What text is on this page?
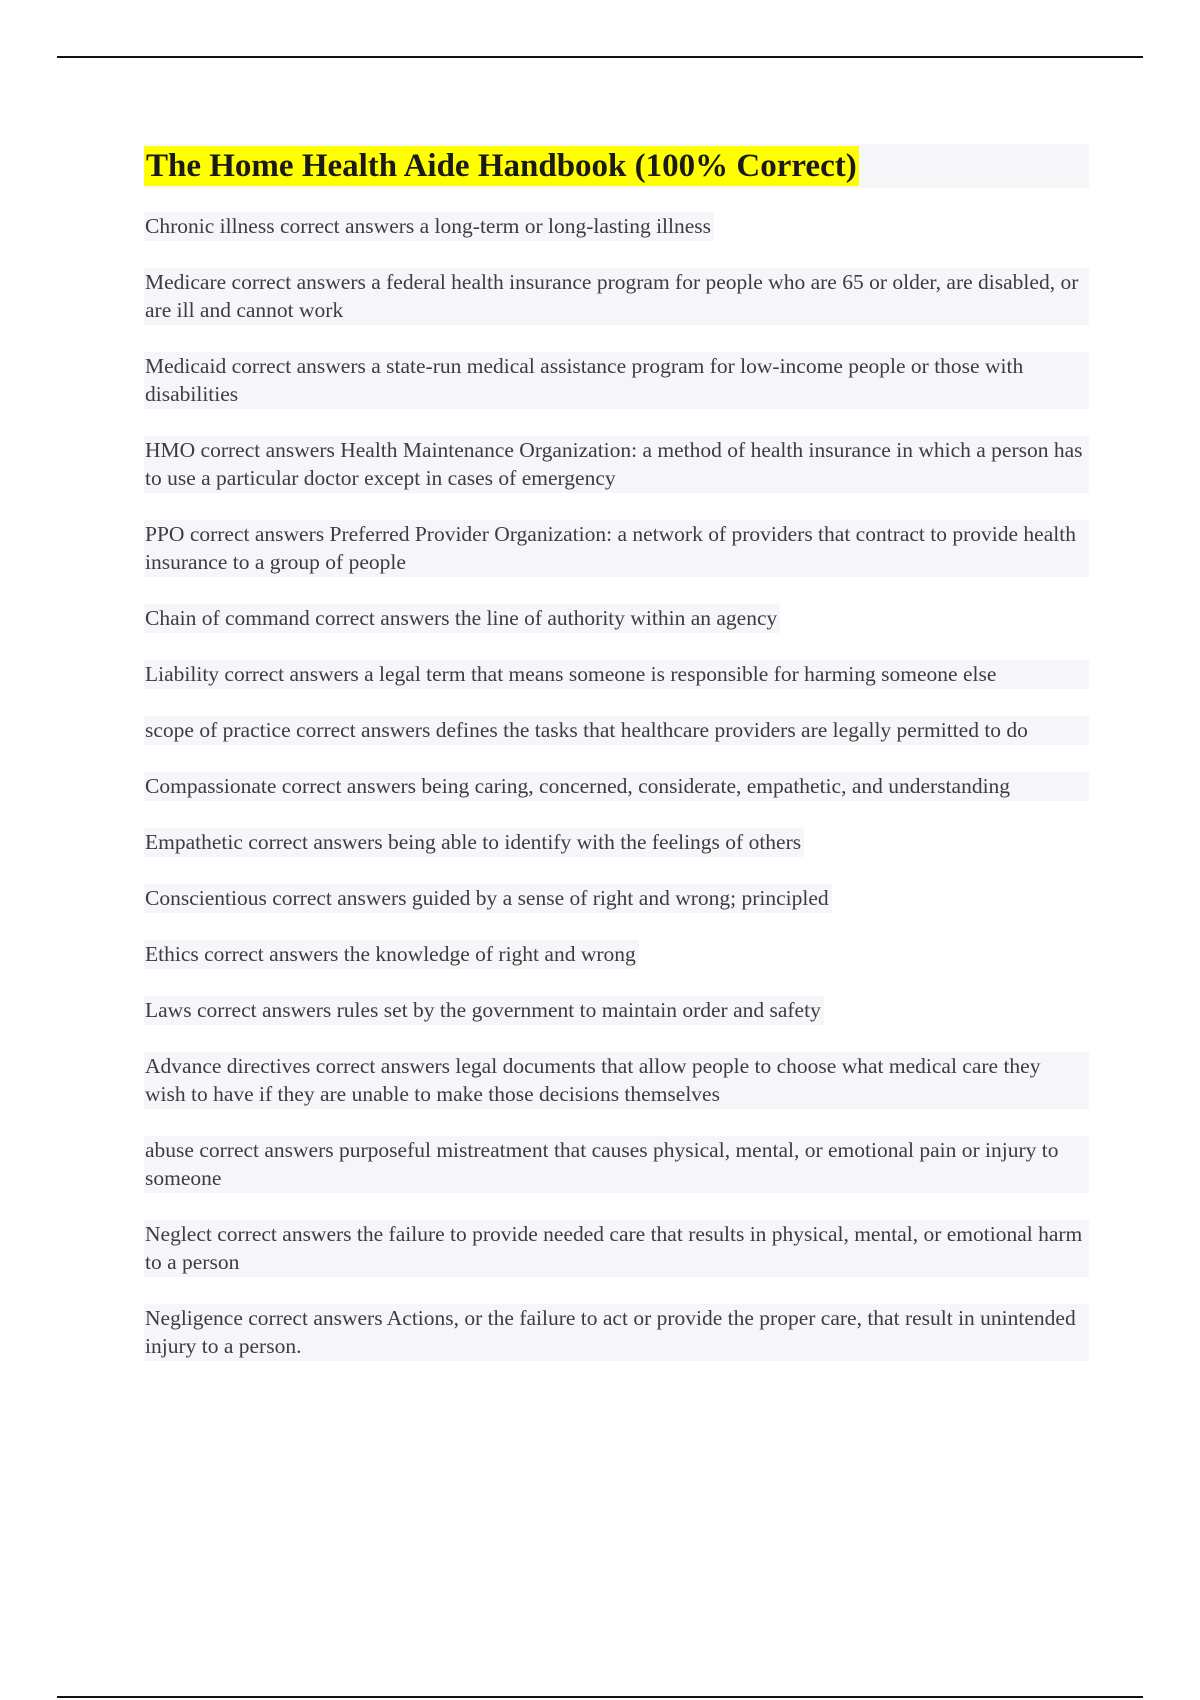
The Home Health Aide Handbook (100% Correct)
Chronic illness correct answers a long-term or long-lasting illness
Medicare correct answers a federal health insurance program for people who are 65 or older, are disabled, or are ill and cannot work
Medicaid correct answers a state-run medical assistance program for low-income people or those with disabilities
HMO correct answers Health Maintenance Organization: a method of health insurance in which a person has to use a particular doctor except in cases of emergency
PPO correct answers Preferred Provider Organization: a network of providers that contract to provide health insurance to a group of people
Chain of command correct answers the line of authority within an agency
Liability correct answers a legal term that means someone is responsible for harming someone else
scope of practice correct answers defines the tasks that healthcare providers are legally permitted to do
Compassionate correct answers being caring, concerned, considerate, empathetic, and understanding
Empathetic correct answers being able to identify with the feelings of others Conscientious correct answers guided by a sense of right and wrong; principled Ethics correct answers the knowledge of right and wrong Laws correct answers rules set by the government to maintain order and safety
Advance directives correct answers legal documents that allow people to choose what medical care they wish to have if they are unable to make those decisions themselves
abuse correct answers purposeful mistreatment that causes physical, mental, or emotional pain or injury to someone
Neglect correct answers the failure to provide needed care that results in physical, mental, or emotional harm to a person
Negligence correct answers Actions, or the failure to act or provide the proper care, that result in unintended injury to a person.
